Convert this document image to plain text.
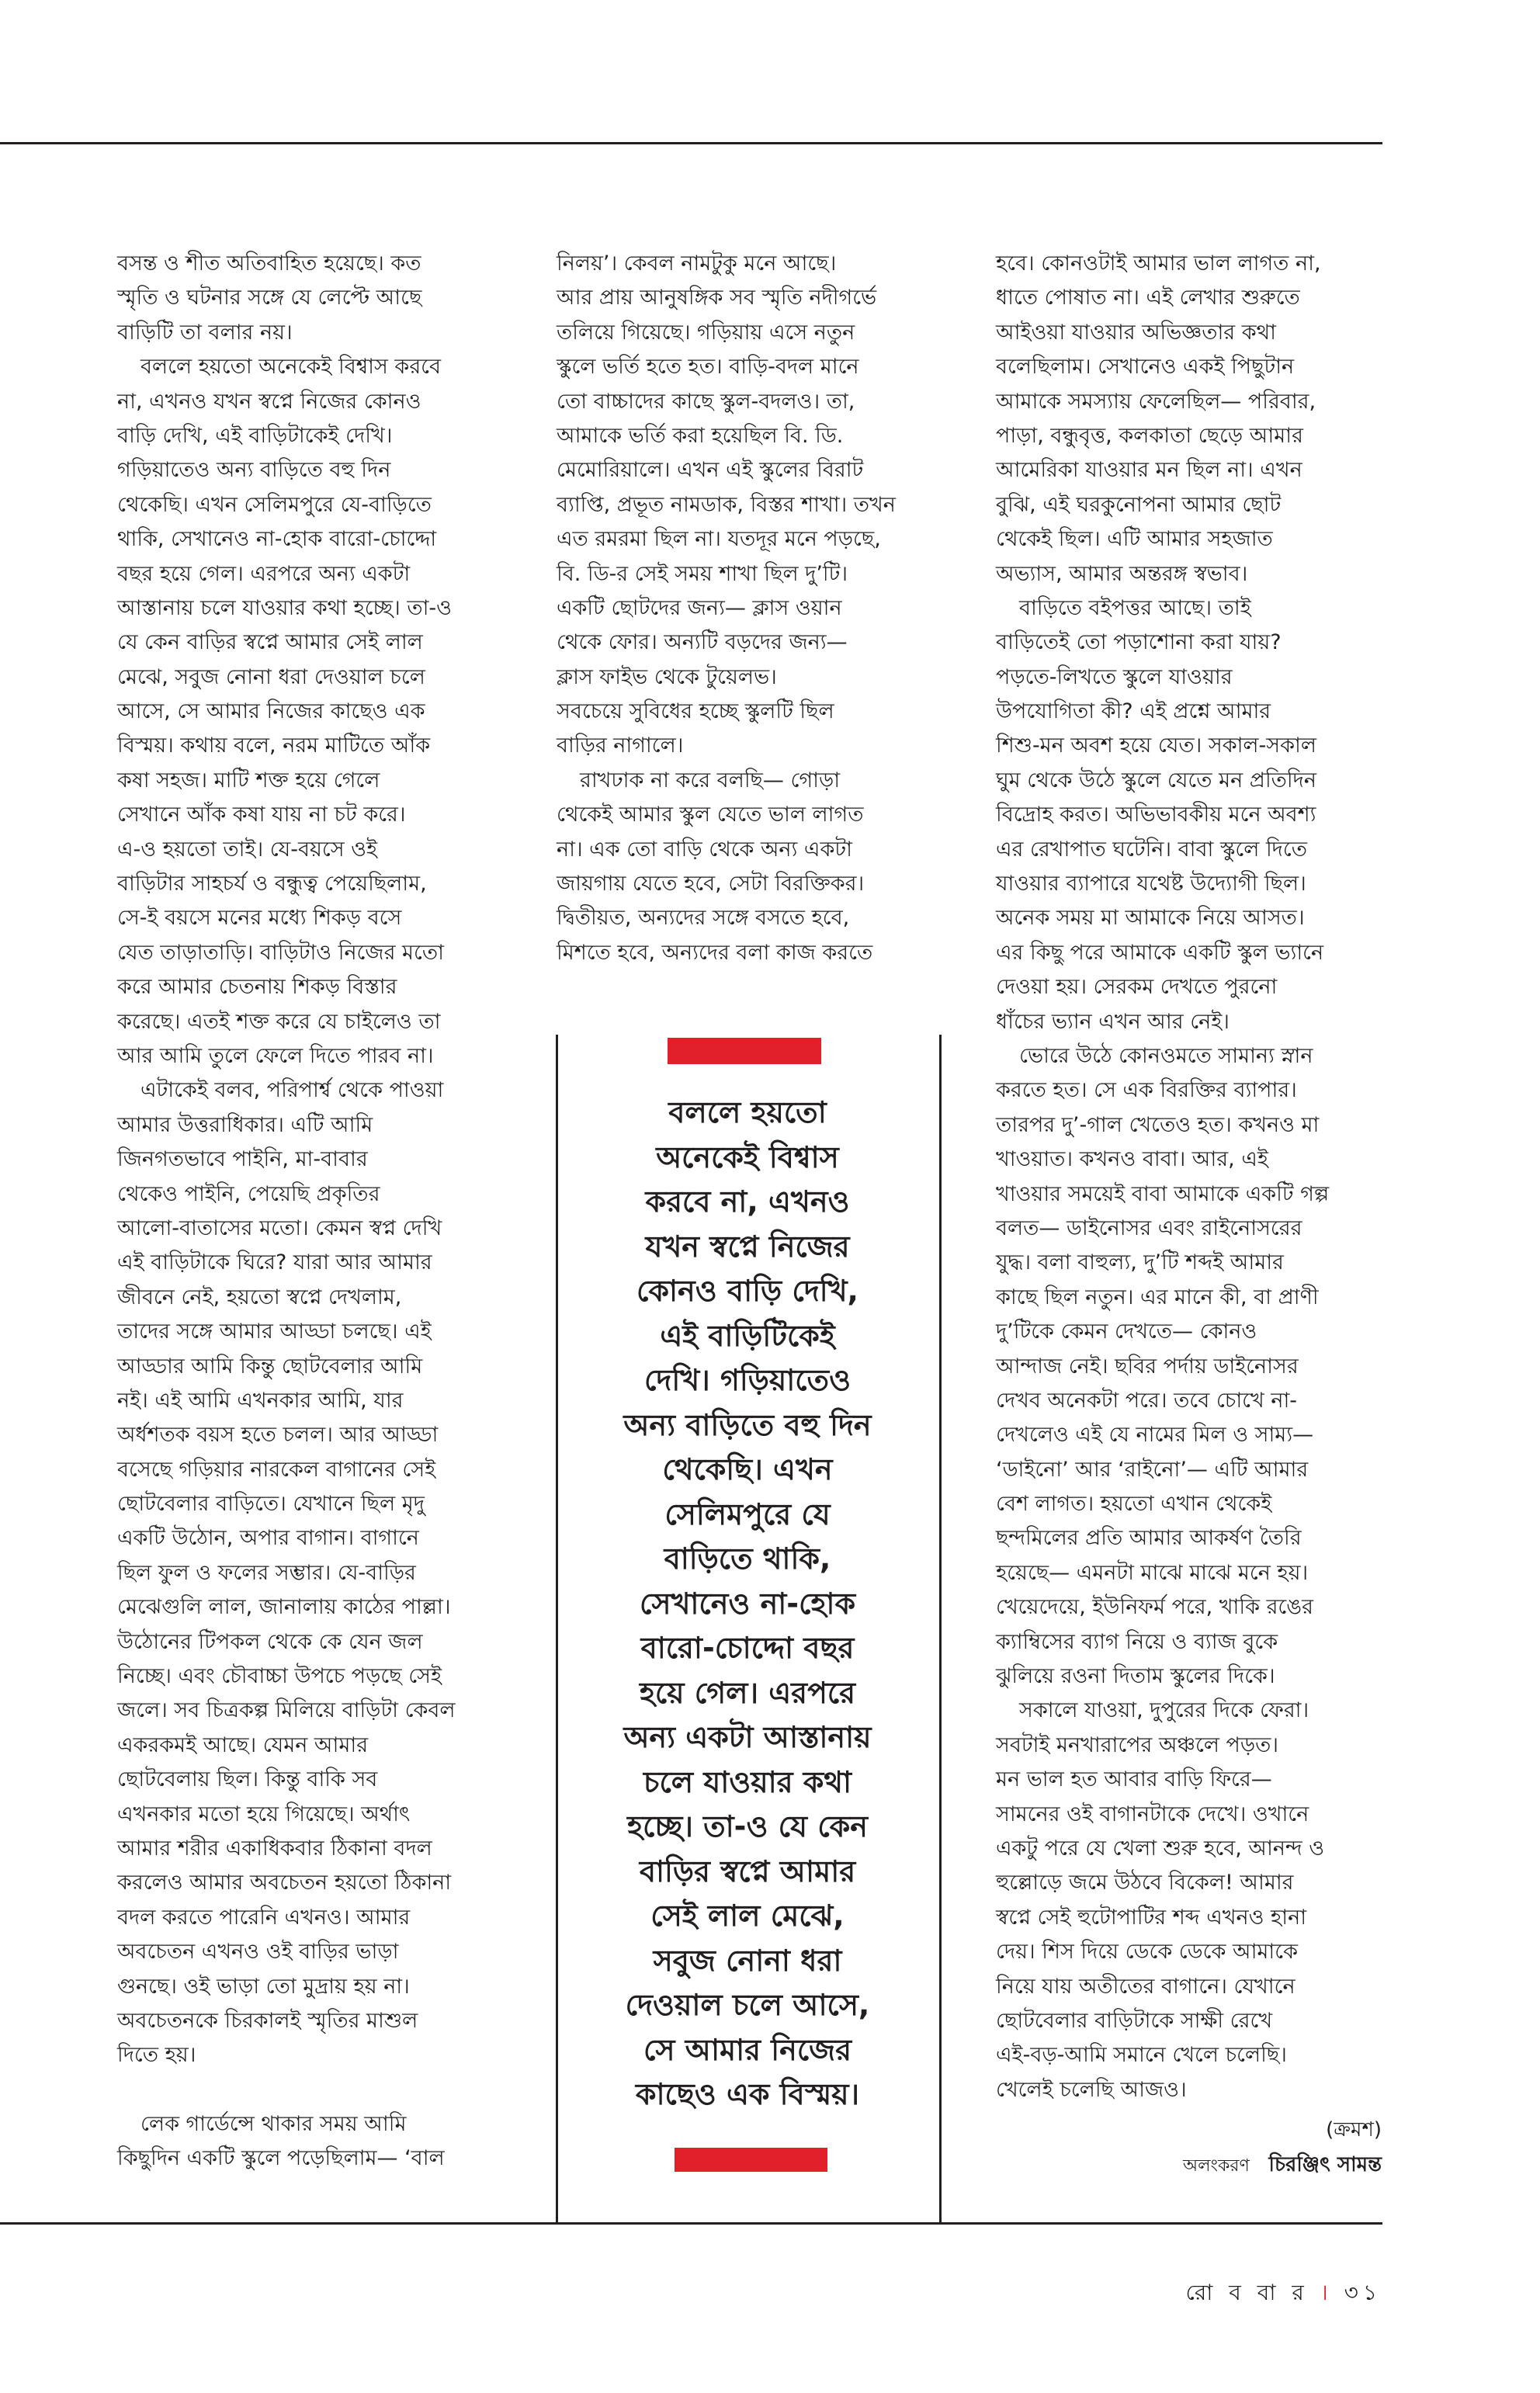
বসন্ত ও শীত অতিবাহিত হয়েছে। কত
স্মৃতি ও ঘটনার সঙ্গে যে লেপ্টে আছে
বাড়িটি তা বলার নয়।
বললে হয়তো অনেকেই বিশ্বাস করবে
না, এখনও যখন স্বপ্নে নিজের কোনও
বাড়ি দেখি, এই বাড়িটাকেই দেখি।
গড়িয়াতেও অন্য বাড়িতে বহু দিন
থেকেছি। এখন সেলিমপুরে যে-বাড়িতে
থাকি, সেখানেও না-হোক বারো-চোদ্দো
বছর হয়ে গেল। এরপরে অন্য একটা
আস্তানায় চলে যাওয়ার কথা হচ্ছে। তা-ও
যে কেন বাড়ির স্বপ্নে আমার সেই লাল
মেঝে, সবুজ নোনা ধরা দেওয়াল চলে
আসে, সে আমার নিজের কাছেও এক
বিস্ময়। কথায় বলে, নরম মাটিতে আঁক
কষা সহজ। মাটি শক্ত হয়ে গেলে
সেখানে আঁক কষা যায় না চট করে।
এ-ও হয়তো তাই। যে-বয়সে ওই
বাড়িটার সাহচর্য ও বন্ধুত্ব পেয়েছিলাম,
সে-ই বয়সে মনের মধ্যে শিকড় বসে
যেত তাড়াতাড়ি। বাড়িটাও নিজের মতো
করে আমার চেতনায় শিকড় বিস্তার
করেছে। এতই শক্ত করে যে চাইলেও তা
আর আমি তুলে ফেলে দিতে পারব না।
এটাকেই বলব, পরিপার্শ্ব থেকে পাওয়া
আমার উত্তরাধিকার। এটি আমি
জিনগতভাবে পাইনি, মা-বাবার
থেকেও পাইনি, পেয়েছি প্রকৃতির
আলো-বাতাসের মতো। কেমন স্বপ্ন দেখি
এই বাড়িটাকে ঘিরে? যারা আর আমার
জীবনে নেই, হয়তো স্বপ্নে দেখলাম,
তাদের সঙ্গে আমার আড্ডা চলছে। এই
আড্ডার আমি কিন্তু ছোটবেলার আমি
নই। এই আমি এখনকার আমি, যার
অর্ধশতক বয়স হতে চলল। আর আড্ডা
বসেছে গড়িয়ার নারকেল বাগানের সেই
ছোটবেলার বাড়িতে। যেখানে ছিল মৃদু
একটি উঠোন, অপার বাগান। বাগানে
ছিল ফুল ও ফলের সম্ভার। যে-বাড়ির
মেঝেগুলি লাল, জানালায় কাঠের পাল্লা।
উঠোনের টিপকল থেকে কে যেন জল
নিচ্ছে। এবং চৌবাচ্চা উপচে পড়ছে সেই
জলে। সব চিত্রকল্প মিলিয়ে বাড়িটা কেবল
একরকমই আছে। যেমন আমার
ছোটবেলায় ছিল। কিন্তু বাকি সব
এখনকার মতো হয়ে গিয়েছে। অর্থাৎ
আমার শরীর একাধিকবার ঠিকানা বদল
করলেও আমার অবচেতন হয়তো ঠিকানা
বদল করতে পারেনি এখনও। আমার
অবচেতন এখনও ওই বাড়ির ভাড়া
গুনছে। ওই ভাড়া তো মুদ্রায় হয় না।
অবচেতনকে চিরকালই স্মৃতির মাশুল
দিতে হয়।
লেক গার্ডেন্সে থাকার সময় আমি
কিছুদিন একটি স্কুলে পড়েছিলাম— ‘বাল
নিলয়’। কেবল নামটুকু মনে আছে।
আর প্রায় আনুষঙ্গিক সব স্মৃতি নদীগর্ভে
তলিয়ে গিয়েছে। গড়িয়ায় এসে নতুন
স্কুলে ভর্তি হতে হত। বাড়ি-বদল মানে
তো বাচ্চাদের কাছে স্কুল-বদলও। তা,
আমাকে ভর্তি করা হয়েছিল বি. ডি.
মেমোরিয়ালে। এখন এই স্কুলের বিরাট
ব্যাপ্তি, প্রভূত নামডাক, বিস্তর শাখা। তখন
এত রমরমা ছিল না। যতদূর মনে পড়ছে,
বি. ডি-র সেই সময় শাখা ছিল দু’টি।
একটি ছোটদের জন্য— ক্লাস ওয়ান
থেকে ফোর। অন্যটি বড়দের জন্য—
ক্লাস ফাইভ থেকে টুয়েলভ।
সবচেয়ে সুবিধের হচ্ছে স্কুলটি ছিল
বাড়ির নাগালে।
রাখঢাক না করে বলছি— গোড়া
থেকেই আমার স্কুল যেতে ভাল লাগত
না। এক তো বাড়ি থেকে অন্য একটা
জায়গায় যেতে হবে, সেটা বিরক্তিকর।
দ্বিতীয়ত, অন্যদের সঙ্গে বসতে হবে,
মিশতে হবে, অন্যদের বলা কাজ করতে
হবে। কোনওটাই আমার ভাল লাগত না,
ধাতে পোষাত না। এই লেখার শুরুতে
আইওয়া যাওয়ার অভিজ্ঞতার কথা
বলেছিলাম। সেখানেও একই পিছুটান
আমাকে সমস্যায় ফেলেছিল— পরিবার,
পাড়া, বন্ধুবৃত্ত, কলকাতা ছেড়ে আমার
আমেরিকা যাওয়ার মন ছিল না। এখন
বুঝি, এই ঘরকুনোপনা আমার ছোট
থেকেই ছিল। এটি আমার সহজাত
অভ্যাস, আমার অন্তরঙ্গ স্বভাব।
বাড়িতে বইপত্তর আছে। তাই
বাড়িতেই তো পড়াশোনা করা যায়?
পড়তে-লিখতে স্কুলে যাওয়ার
উপযোগিতা কী? এই প্রশ্নে আমার
শিশু-মন অবশ হয়ে যেত। সকাল-সকাল
ঘুম থেকে উঠে স্কুলে যেতে মন প্রতিদিন
বিদ্রোহ করত। অভিভাবকীয় মনে অবশ্য
এর রেখাপাত ঘটেনি। বাবা স্কুলে দিতে
যাওয়ার ব্যাপারে যথেষ্ট উদ্যোগী ছিল।
অনেক সময় মা আমাকে নিয়ে আসত।
এর কিছু পরে আমাকে একটি স্কুল ভ্যানে
দেওয়া হয়। সেরকম দেখতে পুরনো
ধাঁচের ভ্যান এখন আর নেই।
ভোরে উঠে কোনওমতে সামান্য স্নান
করতে হত। সে এক বিরক্তির ব্যাপার।
তারপর দু’-গাল খেতেও হত। কখনও মা
খাওয়াত। কখনও বাবা। আর, এই
খাওয়ার সময়েই বাবা আমাকে একটি গল্প
বলত— ডাইনোসর এবং রাইনোসরের
যুদ্ধ। বলা বাহুল্য, দু’টি শব্দই আমার
কাছে ছিল নতুন। এর মানে কী, বা প্রাণী
দু’টিকে কেমন দেখতে— কোনও
আন্দাজ নেই। ছবির পর্দায় ডাইনোসর
দেখব অনেকটা পরে। তবে চোখে না-
দেখলেও এই যে নামের মিল ও সাম্য—
‘ডাইনো’ আর ‘রাইনো’— এটি আমার
বেশ লাগত। হয়তো এখান থেকেই
ছন্দমিলের প্রতি আমার আকর্ষণ তৈরি
হয়েছে— এমনটা মাঝে মাঝে মনে হয়।
খেয়েদেয়ে, ইউনিফর্ম পরে, খাকি রঙের
ক্যাম্বিসের ব্যাগ নিয়ে ও ব্যাজ বুকে
ঝুলিয়ে রওনা দিতাম স্কুলের দিকে।
সকালে যাওয়া, দুপুরের দিকে ফেরা।
সবটাই মনখারাপের অঞ্চলে পড়ত।
মন ভাল হত আবার বাড়ি ফিরে—
সামনের ওই বাগানটাকে দেখে। ওখানে
একটু পরে যে খেলা শুরু হবে, আনন্দ ও
হুল্লোড়ে জমে উঠবে বিকেল! আমার
স্বপ্নে সেই হুটোপাটির শব্দ এখনও হানা
দেয়। শিস দিয়ে ডেকে ডেকে আমাকে
নিয়ে যায় অতীতের বাগানে। যেখানে
ছোটবেলার বাড়িটাকে সাক্ষী রেখে
এই-বড়-আমি সমানে খেলে চলেছি।
খেলেই চলেছি আজও।
বললে হয়তো
অনেকেই বিশ্বাস
করবে না, এখনও
যখন স্বপ্নে নিজের
কোনও বাড়ি দেখি,
এই বাড়িটিকেই
দেখি। গড়িয়াতেও
অন্য বাড়িতে বহু দিন
থেকেছি। এখন
সেলিমপুরে যে
বাড়িতে থাকি,
সেখানেও না-হোক
বারো-চোদ্দো বছর
হয়ে গেল। এরপরে
অন্য একটা আস্তানায়
চলে যাওয়ার কথা
হচ্ছে। তা-ও যে কেন
বাড়ির স্বপ্নে আমার
সেই লাল মেঝে,
সবুজ নোনা ধরা
দেওয়াল চলে আসে,
সে আমার নিজের
কাছেও এক বিস্ময়।
(ক্রমশ)
অলংকরণ চিরঞ্জিৎ সামন্ত
রো ব বা র । ৩১
